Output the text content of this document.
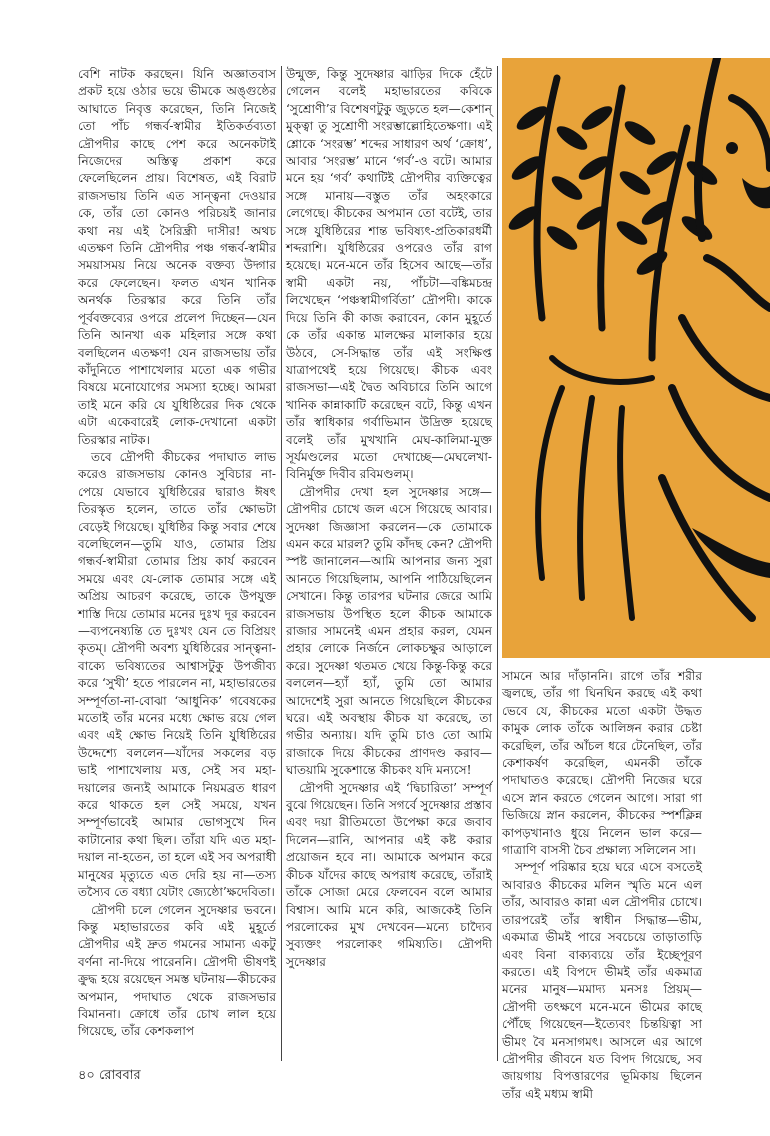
বেশি নাটক করছেন। যিনি অজ্ঞাতবাস প্রকট হয়ে ওঠার ভয়ে ভীমকে অঙ্গুষ্ঠের আঘাতে নিবৃত্ত করেছেন, তিনি নিজেই তো পাঁচ গন্ধর্ব-স্বামীর ইতিকর্তব্যতা দ্রৌপদীর কাছে পেশ করে অনেকটাই নিজেদের অস্তিত্ব প্রকাশ করে ফেলেছিলেন প্রায়। বিশেষত, এই বিরাট রাজসভায় তিনি এত সান্ত্বনা দেওয়ার কে, তাঁর তো কোনও পরিচয়ই জানার কথা নয় এই সৈরিন্ধ্রী দাসীর! অথচ এতক্ষণ তিনি দ্রৌপদীর পঞ্চ গন্ধর্ব-স্বামীর সময়াসময় নিয়ে অনেক বক্তব্য উদ্গার করে ফেলেছেন। ফলত এখন খানিক অনর্থক তিরস্কার করে তিনি তাঁর পূর্ববক্তব্যের ওপরে প্রলেপ দিচ্ছেন—যেন তিনি আনখা এক মহিলার সঙ্গে কথা বলছিলেন এতক্ষণ! যেন রাজসভায় তাঁর কাঁদুনিতে পাশাখেলার মতো এক গভীর বিষয়ে মনোযোগের সমস্যা হচ্ছে। আমরা তাই মনে করি যে যুধিষ্ঠিরের দিক থেকে এটা একেবারেই লোক-দেখানো একটা তিরস্কার নাটক।

তবে দ্রৌপদী কীচকের পদাঘাত লাভ করেও রাজসভায় কোনও সুবিচার না-পেয়ে যেভাবে যুধিষ্ঠিরের দ্বারাও ঈষৎ তিরস্কৃত হলেন, তাতে তাঁর ক্ষোভটা বেড়েই গিয়েছে। যুধিষ্ঠির কিন্তু সবার শেষে বলেছিলেন—তুমি যাও, তোমার প্রিয় গন্ধর্ব-স্বামীরা তোমার প্রিয় কার্য করবেন সময়ে এবং যে-লোক তোমার সঙ্গে এই অপ্রিয় আচরণ করেছে, তাকে উপযুক্ত শাস্তি দিয়ে তোমার মনের দুঃখ দূর করবেন—ব্যপনেষ্যন্তি তে দুঃখং যেন তে বিপ্রিয়ং কৃতম্। দ্রৌপদী অবশ্য যুধিষ্ঠিরের সান্ত্বনা-বাক্যে ভবিষ্যতের আশ্বাসটুকু উপজীব্য করে ‘সুখী’ হতে পারলেন না, মহাভারতের সম্পূর্ণতা-না-বোঝা ‘আধুনিক’ গবেষকের মতোই তাঁর মনের মধ্যে ক্ষোভ রয়ে গেল এবং এই ক্ষোভ নিয়েই তিনি যুধিষ্ঠিরের উদ্দেশ্যে বললেন—যাঁদের সকলের বড় ভাই পাশাখেলায় মত্ত, সেই সব মহা-দয়ালের জন্যই আমাকে নিয়মব্রত ধারণ করে থাকতে হল সেই সময়ে, যখন সম্পূর্ণভাবেই আমার ভোগসুখে দিন কাটানোর কথা ছিল। তাঁরা যদি এত মহা-দয়াল না-হতেন, তা হলে এই সব অপরাধী মানুষের মৃত্যুতে এত দেরি হয় না—তস্য তস্যৈব তে বধ্যা যেটাং জ্যেষ্ঠো’ক্ষদেবিতা।

দ্রৌপদী চলে গেলেন সুদেষ্ণার ভবনে। কিন্তু মহাভারতের কবি এই মুহূর্তে দ্রৌপদীর এই দ্রুত গমনের সামান্য একটু বর্ণনা না-দিয়ে পারেননি। দ্রৌপদী ভীষণই ক্রুদ্ধ হয়ে রয়েছেন সমস্ত ঘটনায়—কীচকের অপমান, পদাঘাত থেকে রাজসভার বিমাননা। ক্রোধে তাঁর চোখ লাল হয়ে গিয়েছে, তাঁর কেশকলাপ

উন্মুক্ত, কিন্তু সুদেষ্ণার ঝাড়ির দিকে হেঁটে গেলেন বলেই মহাভারতের কবিকে ‘সুশ্রোণী’র বিশেষণটুকু জুড়তে হল—কেশান্ মুক্ত্বা তু সুশ্রোণী সংরম্ভাল্লোহিতেক্ষণা। এই শ্লোকে ‘সংরম্ভ’ শব্দের সাধারণ অর্থ ‘ক্রোধ’, আবার ‘সংরম্ভ’ মানে ‘গর্ব’-ও বটে। আমার মনে হয় ‘গর্ব’ কথাটিই দ্রৌপদীর ব্যক্তিত্বের সঙ্গে মানায়—বস্তুত তাঁর অহংকারে লেগেছে। কীচকের অপমান তো বটেই, তার সঙ্গে যুধিষ্ঠিরের শান্ত ভবিষ্যৎ-প্রতিকারধর্মী শব্দরাশি। যুধিষ্ঠিরের ওপরেও তাঁর রাগ হয়েছে। মনে-মনে তাঁর হিসেব আছে—তাঁর স্বামী একটা নয়, পাঁচটা—বঙ্কিমচন্দ্র লিখেছেন ‘পঞ্চস্বামীগর্বিতা’ দ্রৌপদী। কাকে দিয়ে তিনি কী কাজ করাবেন, কোন মুহূর্তে কে তাঁর একান্ত মালক্ষের মালাকার হয়ে উঠবে, সে-সিদ্ধান্ত তাঁর এই সংক্ষিপ্ত যাত্রাপথেই হয়ে গিয়েছে। কীচক এবং রাজসভা—এই দ্বৈত অবিচারে তিনি আগে খানিক কান্নাকাটি করেছেন বটে, কিন্তু এখন তাঁর স্বাধিকার গর্বাভিমান উদ্রিক্ত হয়েছে বলেই তাঁর মুখখানি মেঘ-কালিমা-মুক্ত সূর্যমণ্ডলের মতো দেখাচ্ছে—মেঘলেখা-বিনির্মুক্ত দিবীব রবিমণ্ডলম্।

দ্রৌপদীর দেখা হল সুদেষ্ণার সঙ্গে—দ্রৌপদীর চোখে জল এসে গিয়েছে আবার। সুদেষ্ণা জিজ্ঞাসা করলেন—কে তোমাকে এমন করে মারল? তুমি কাঁদছ কেন? দ্রৌপদী স্পষ্ট জানালেন—আমি আপনার জন্য সুরা আনতে গিয়েছিলাম, আপনি পাঠিয়েছিলেন সেখানে। কিন্তু তারপর ঘটনার জেরে আমি রাজসভায় উপস্থিত হলে কীচক আমাকে রাজার সামনেই এমন প্রহার করল, যেমন প্রহার লোকে নির্জনে লোকচক্ষুর আড়ালে করে। সুদেষ্ণা থতমত খেয়ে কিন্তু-কিন্তু করে বললেন—হ্যাঁ হ্যাঁ, তুমি তো আমার আদেশেই সুরা আনতে গিয়েছিলে কীচকের ঘরে। এই অবস্থায় কীচক যা করেছে, তা গভীর অন্যায়। যদি তুমি চাও তো আমি রাজাকে দিয়ে কীচকের প্রাণদণ্ড করাব—ঘাতয়ামি সুকেশান্তে কীচকং যদি মন্যসে!

দ্রৌপদী সুদেষ্ণার এই ‘দ্বিচারিতা’ সম্পূর্ণ বুঝে গিয়েছেন। তিনি সগর্বে সুদেষ্ণার প্রস্তাব এবং দয়া রীতিমতো উপেক্ষা করে জবাব দিলেন—রানি, আপনার এই কষ্ট করার প্রয়োজন হবে না। আমাকে অপমান করে কীচক যাঁদের কাছে অপরাধ করেছে, তাঁরাই তাঁকে সোজা মেরে ফেলবেন বলে আমার বিশ্বাস। আমি মনে করি, আজকেই তিনি পরলোকের মুখ দেখবেন—মন্যে চাদ্যৈব সুব্যক্তং পরলোকং গমিষ্যতি। দ্রৌপদী সুদেষ্ণার

সামনে আর দাঁড়াননি। রাগে তাঁর শরীর জ্বলছে, তাঁর গা ঘিনঘিন করছে এই কথা ভেবে যে, কীচকের মতো একটা উদ্ধত কামুক লোক তাঁকে আলিঙ্গন করার চেষ্টা করেছিল, তাঁর আঁচল ধরে টেনেছিল, তাঁর কেশাকর্ষণ করেছিল, এমনকী তাঁকে পদাঘাতও করেছে। দ্রৌপদী নিজের ঘরে এসে স্নান করতে গেলেন আগে। সারা গা ভিজিয়ে স্নান করলেন, কীচকের স্পর্শক্লিন্ন কাপড়খানাও ধুয়ে নিলেন ভাল করে—গাত্রাণি বাসসী চৈব প্রক্ষাল্য সলিলেন সা।

সম্পূর্ণ পরিষ্কার হয়ে ঘরে এসে বসতেই আবারও কীচকের মলিন স্মৃতি মনে এল তাঁর, আবারও কান্না এল দ্রৌপদীর চোখে। তারপরেই তাঁর স্বাধীন সিদ্ধান্ত—ভীম, একমাত্র ভীমই পারে সবচেয়ে তাড়াতাড়ি এবং বিনা বাক্যব্যয়ে তাঁর ইচ্ছেপূরণ করতে। এই বিপদে ভীমই তাঁর একমাত্র মনের মানুষ—মমাদ্য মনসঃ প্রিয়ম্—দ্রৌপদী তৎক্ষণে মনে-মনে ভীমের কাছে পৌঁছে গিয়েছেন—ইত্যেবং চিন্তয়িত্বা সা ভীমং বৈ মনসাগমৎ। আসলে এর আগে দ্রৌপদীর জীবনে যত বিপদ গিয়েছে, সব জায়গায় বিপত্তারণের ভূমিকায় ছিলেন তাঁর এই মধ্যম স্বামী

৪০ রোববার
